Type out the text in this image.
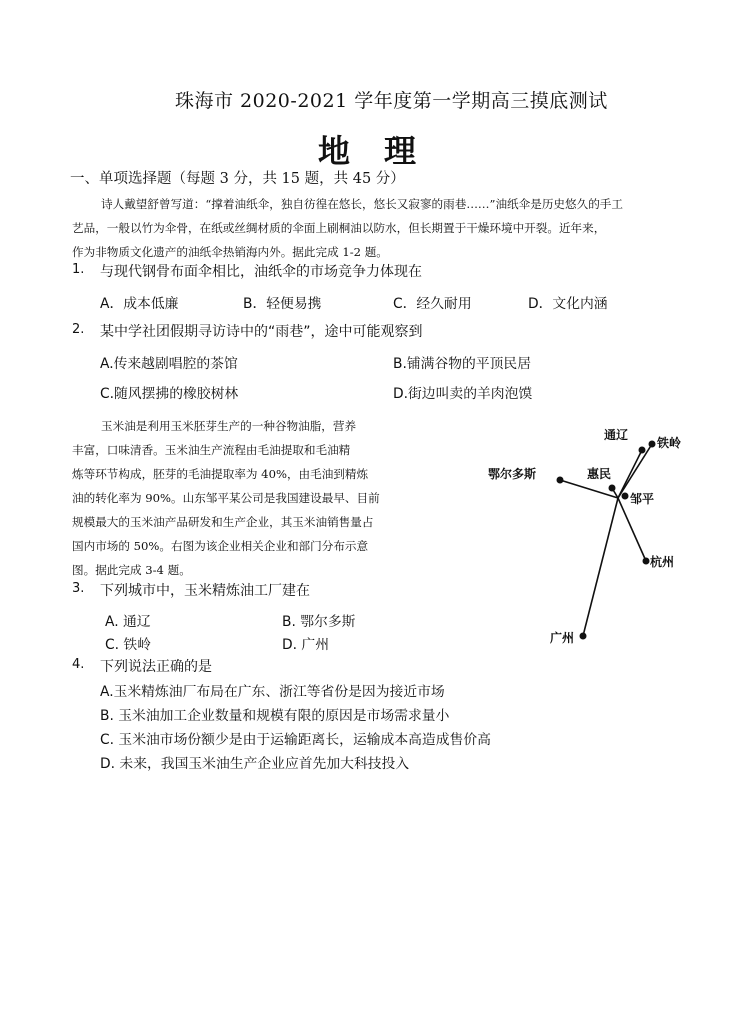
珠海市 2020-2021 学年度第一学期高三摸底测试
地理
一、单项选择题（每题 3 分，共 15 题，共 45 分）
诗人戴望舒曾写道：“撑着油纸伞，独自彷徨在悠长，悠长又寂寥的雨巷……”油纸伞是历史悠久的手工
艺品，一般以竹为伞骨，在纸或丝绸材质的伞面上刷桐油以防水，但长期置于干燥环境中开裂。近年来，
作为非物质文化遗产的油纸伞热销海内外。据此完成 1-2 题。
1. 与现代钢骨布面伞相比，油纸伞的市场竞争力体现在
A．成本低廉	B．轻便易携	C．经久耐用	D．文化内涵
2. 某中学社团假期寻访诗中的“雨巷”，途中可能观察到
A.传来越剧唱腔的茶馆	B.铺满谷物的平顶民居
C.随风摆拂的橡胶树林	D.街边叫卖的羊肉泡馍
玉米油是利用玉米胚芽生产的一种谷物油脂，营养
丰富，口味清香。玉米油生产流程由毛油提取和毛油精
炼等环节构成，胚芽的毛油提取率为 40%，由毛油到精炼
油的转化率为 90%。山东邹平某公司是我国建设最早、目前
规模最大的玉米油产品研发和生产企业，其玉米油销售量占
国内市场的 50%。右图为该企业相关企业和部门分布示意
图。据此完成 3-4 题。
通辽
铁岭
鄂尔多斯	惠民
邹平
杭州
广州
3. 下列城市中，玉米精炼油工厂建在
A. 通辽	B. 鄂尔多斯
C. 铁岭	D. 广州
4. 下列说法正确的是
A.玉米精炼油厂布局在广东、浙江等省份是因为接近市场
B. 玉米油加工企业数量和规模有限的原因是市场需求量小
C. 玉米油市场份额少是由于运输距离长，运输成本高造成售价高
D. 未来，我国玉米油生产企业应首先加大科技投入
